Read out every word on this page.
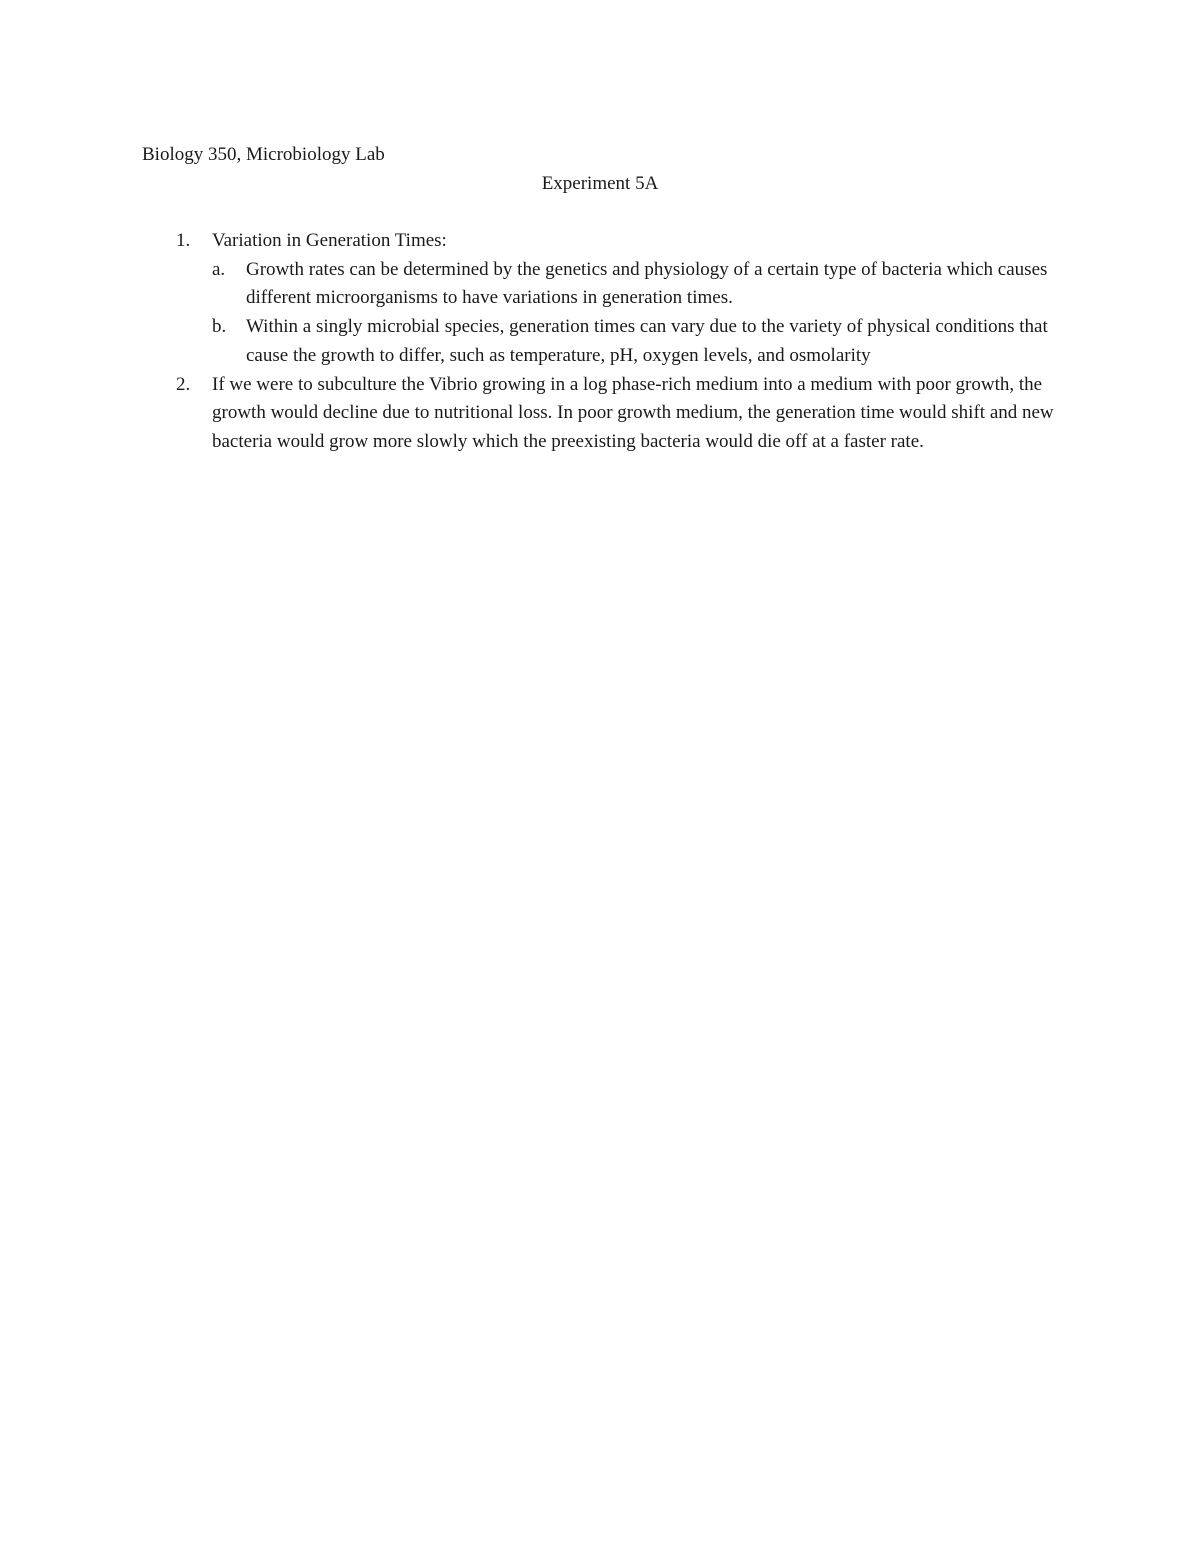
Biology 350, Microbiology Lab
Experiment 5A
1. Variation in Generation Times:
a. Growth rates can be determined by the genetics and physiology of a certain type of bacteria which causes different microorganisms to have variations in generation times.
b. Within a singly microbial species, generation times can vary due to the variety of physical conditions that cause the growth to differ, such as temperature, pH, oxygen levels, and osmolarity
2. If we were to subculture the Vibrio growing in a log phase-rich medium into a medium with poor growth, the growth would decline due to nutritional loss. In poor growth medium, the generation time would shift and new bacteria would grow more slowly which the preexisting bacteria would die off at a faster rate.
